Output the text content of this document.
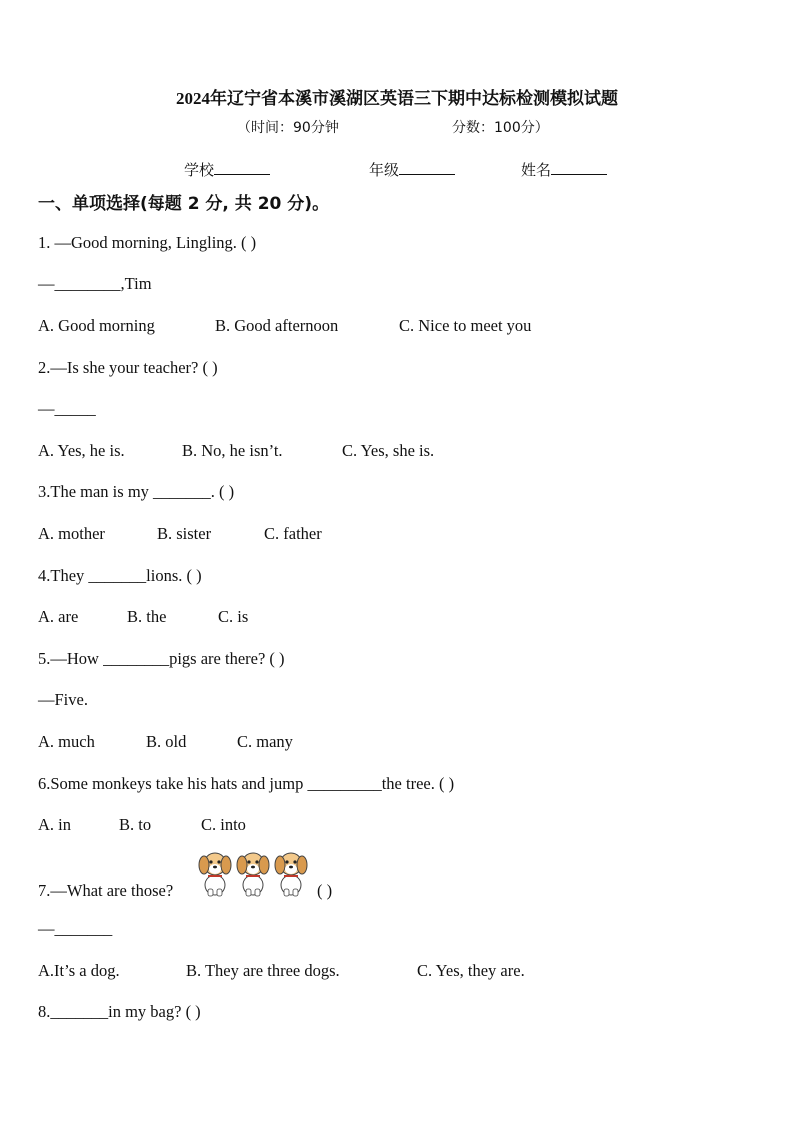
2024年辽宁省本溪市溪湖区英语三下期中达标检测模拟试题
（时间：90分钟	分数：100分）
学校	年级	姓名
一、单项选择(每题 2 分, 共 20 分)。
1. —Good morning, Lingling. ( )
—________,Tim
A. Good morning	B. Good afternoon	C. Nice to meet you
2.—Is she your teacher? ( )
—_____
A. Yes, he is.	B. No, he isn’t.	C. Yes, she is.
3.The man is my _______. ( )
A. mother	B. sister	C. father
4.They _______lions. ( )
A. are	B. the	C. is
5.—How ________pigs are there? ( )
—Five.
A. much	B. old	C. many
6.Some monkeys take his hats and jump _________the tree. ( )
A. in	B. to	C. into
7.—What are those?	( )
—_______
A.It’s a dog.	B. They are three dogs.	C. Yes, they are.
8._______in my bag? ( )
